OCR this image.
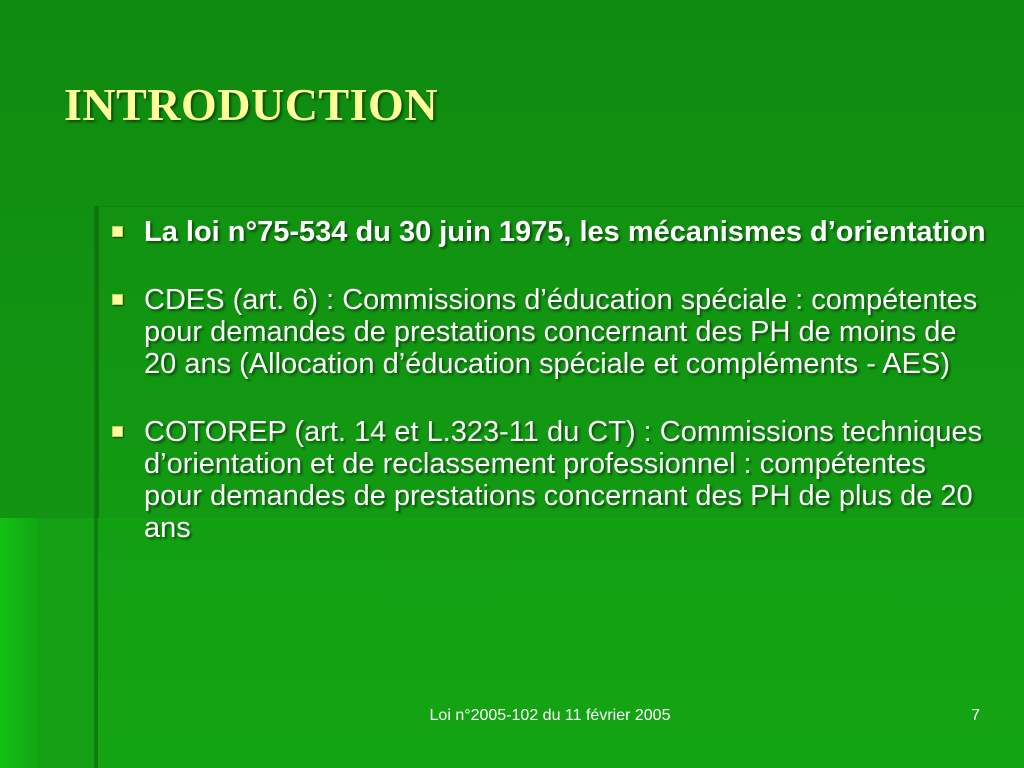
INTRODUCTION
La loi n°75-534 du 30 juin 1975, les mécanismes d’orientation
CDES (art. 6) : Commissions d’éducation spéciale : compétentes pour demandes de prestations concernant des PH de moins de 20 ans (Allocation d’éducation spéciale et compléments - AES)
COTOREP (art. 14 et L.323-11 du CT) : Commissions techniques d’orientation et de reclassement professionnel : compétentes pour demandes de prestations concernant des PH de plus de 20 ans
Loi n°2005-102 du 11 février 2005	7
